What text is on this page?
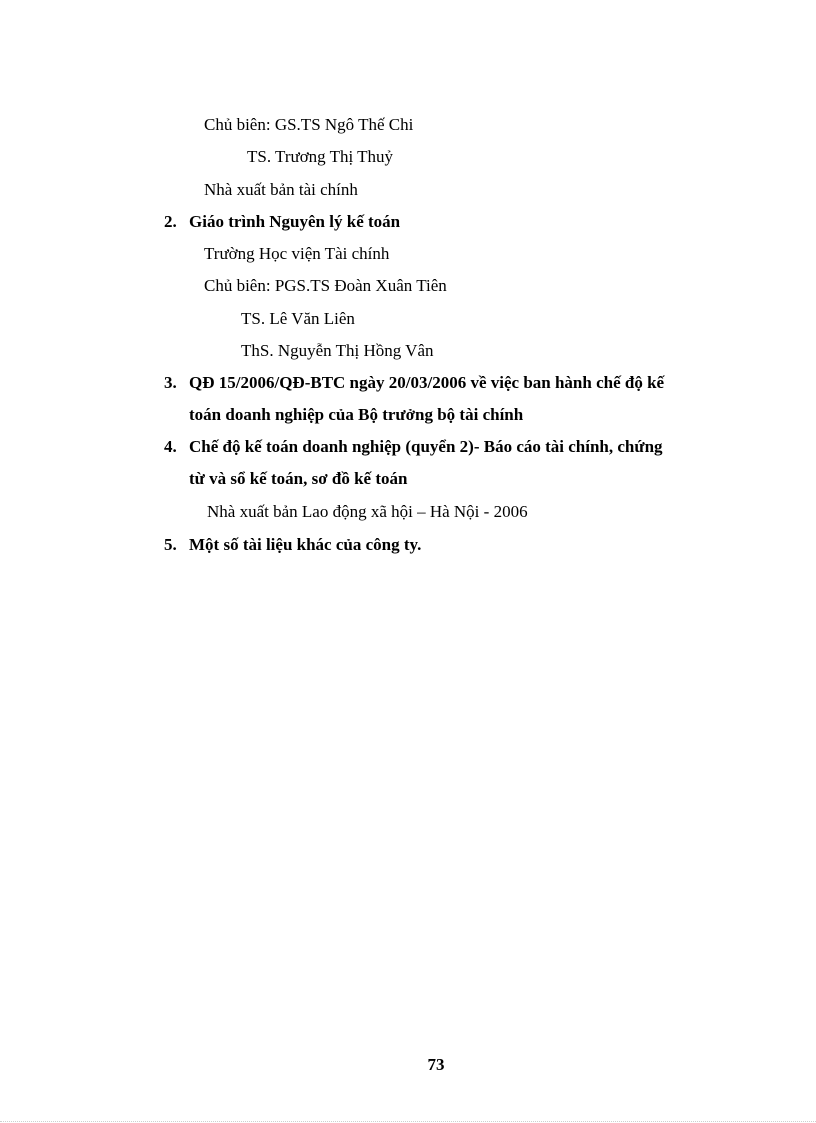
Chủ biên: GS.TS Ngô Thế Chi
TS. Trương Thị Thuỷ
Nhà xuất bản tài chính
2. Giáo trình Nguyên lý kế toán
Trường Học viện Tài chính
Chủ biên: PGS.TS Đoàn Xuân Tiên
TS. Lê Văn Liên
ThS. Nguyễn Thị Hồng Vân
3. QĐ 15/2006/QĐ-BTC ngày 20/03/2006 về việc ban hành chế độ kế
toán doanh nghiệp của Bộ trưởng bộ tài chính
4. Chế độ kế toán doanh nghiệp (quyển 2)- Báo cáo tài chính, chứng
từ và sổ kế toán, sơ đồ kế toán
Nhà xuất bản Lao động xã hội – Hà Nội - 2006
5. Một số tài liệu khác của công ty.
73
